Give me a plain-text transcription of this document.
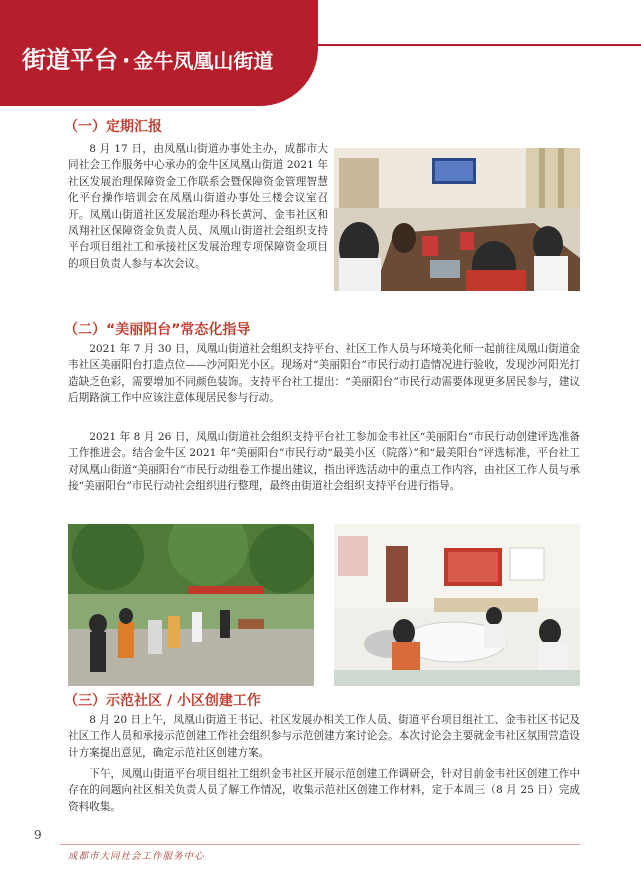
街道平台 · 金牛凤凰山街道
（一）定期汇报
8 月 17 日，由凤凰山街道办事处主办，成都市大同社会工作服务中心承办的金牛区凤凰山街道 2021 年社区发展治理保障资金工作联系会暨保障资金管理智慧化平台操作培训会在凤凰山街道办事处三楼会议室召开。凤凰山街道社区发展治理办科长黄河、金韦社区和凤翔社区保障资金负责人员、凤凰山街道社会组织支持平台项目组社工和承接社区发展治理专项保障资金项目的项目负责人参与本次会议。
（二）“美丽阳台”常态化指导
2021 年 7 月 30 日，凤凰山街道社会组织支持平台、社区工作人员与环境美化师一起前往凤凰山街道金韦社区美丽阳台打造点位——沙河阳光小区。现场对“美丽阳台”市民行动打造情况进行验收，发现沙河阳光打造缺乏色彩，需要增加不同颜色装饰。支持平台社工提出：“美丽阳台”市民行动需要体现更多居民参与，建议后期路演工作中应该注意体现居民参与行动。
2021 年 8 月 26 日，凤凰山街道社会组织支持平台社工参加金韦社区“美丽阳台”市民行动创建评选准备工作推进会。结合金牛区 2021 年“美丽阳台”市民行动“最美小区（院落）”和“最美阳台”评选标准，平台社工对凤凰山街道“美丽阳台”市民行动组卷工作提出建议，指出评选活动中的重点工作内容，由社区工作人员与承接“美丽阳台”市民行动社会组织进行整理，最终由街道社会组织支持平台进行指导。
（三）示范社区 / 小区创建工作
8 月 20 日上午，凤凰山街道王书记、社区发展办相关工作人员、街道平台项目组社工、金韦社区书记及社区工作人员和承接示范创建工作社会组织参与示范创建方案讨论会。本次讨论会主要就金韦社区氛围营造设计方案提出意见，确定示范社区创建方案。
下午，凤凰山街道平台项目组社工组织金韦社区开展示范创建工作调研会，针对目前金韦社区创建工作中存在的问题向社区相关负责人员了解工作情况，收集示范社区创建工作材料，定于本周三（8 月 25 日）完成资料收集。
9
成都市大同社会工作服务中心
